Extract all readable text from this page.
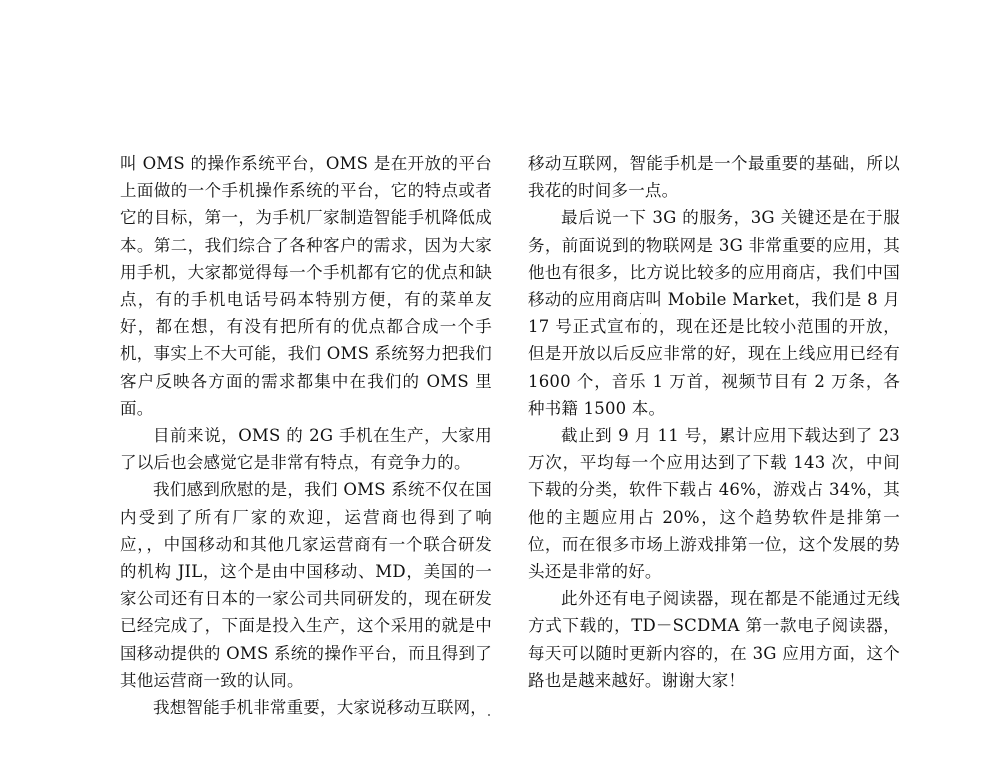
叫 OMS 的操作系统平台，OMS 是在开放的平台上面做的一个手机操作系统的平台，它的特点或者它的目标，第一，为手机厂家制造智能手机降低成本。第二，我们综合了各种客户的需求，因为大家用手机，大家都觉得每一个手机都有它的优点和缺点，有的手机电话号码本特别方便，有的菜单友好，都在想，有没有把所有的优点都合成一个手机，事实上不大可能，我们 OMS 系统努力把我们客户反映各方面的需求都集中在我们的 OMS 里面。

目前来说，OMS 的 2G 手机在生产，大家用了以后也会感觉它是非常有特点，有竞争力的。

我们感到欣慰的是，我们 OMS 系统不仅在国内受到了所有厂家的欢迎，运营商也得到了响应，，中国移动和其他几家运营商有一个联合研发的机构 JIL，这个是由中国移动、MD，美国的一家公司还有日本的一家公司共同研发的，现在研发已经完成了，下面是投入生产，这个采用的就是中国移动提供的 OMS 系统的操作平台，而且得到了其他运营商一致的认同。

我想智能手机非常重要，大家说移动互联网，

移动互联网，智能手机是一个最重要的基础，所以我花的时间多一点。

最后说一下 3G 的服务，3G 关键还是在于服务，前面说到的物联网是 3G 非常重要的应用，其他也有很多，比方说比较多的应用商店，我们中国移动的应用商店叫 Mobile Market，我们是 8 月 17 号正式宣布的，现在还是比较小范围的开放，但是开放以后反应非常的好，现在上线应用已经有 1600 个，音乐 1 万首，视频节目有 2 万条，各种书籍 1500 本。

截止到 9 月 11 号，累计应用下载达到了 23 万次，平均每一个应用达到了下载 143 次，中间下载的分类，软件下载占 46%，游戏占 34%，其他的主题应用占 20%，这个趋势软件是排第一位，而在很多市场上游戏排第一位，这个发展的势头还是非常的好。

此外还有电子阅读器，现在都是不能通过无线方式下载的，TD－SCDMA 第一款电子阅读器，每天可以随时更新内容的，在 3G 应用方面，这个路也是越来越好。谢谢大家！
